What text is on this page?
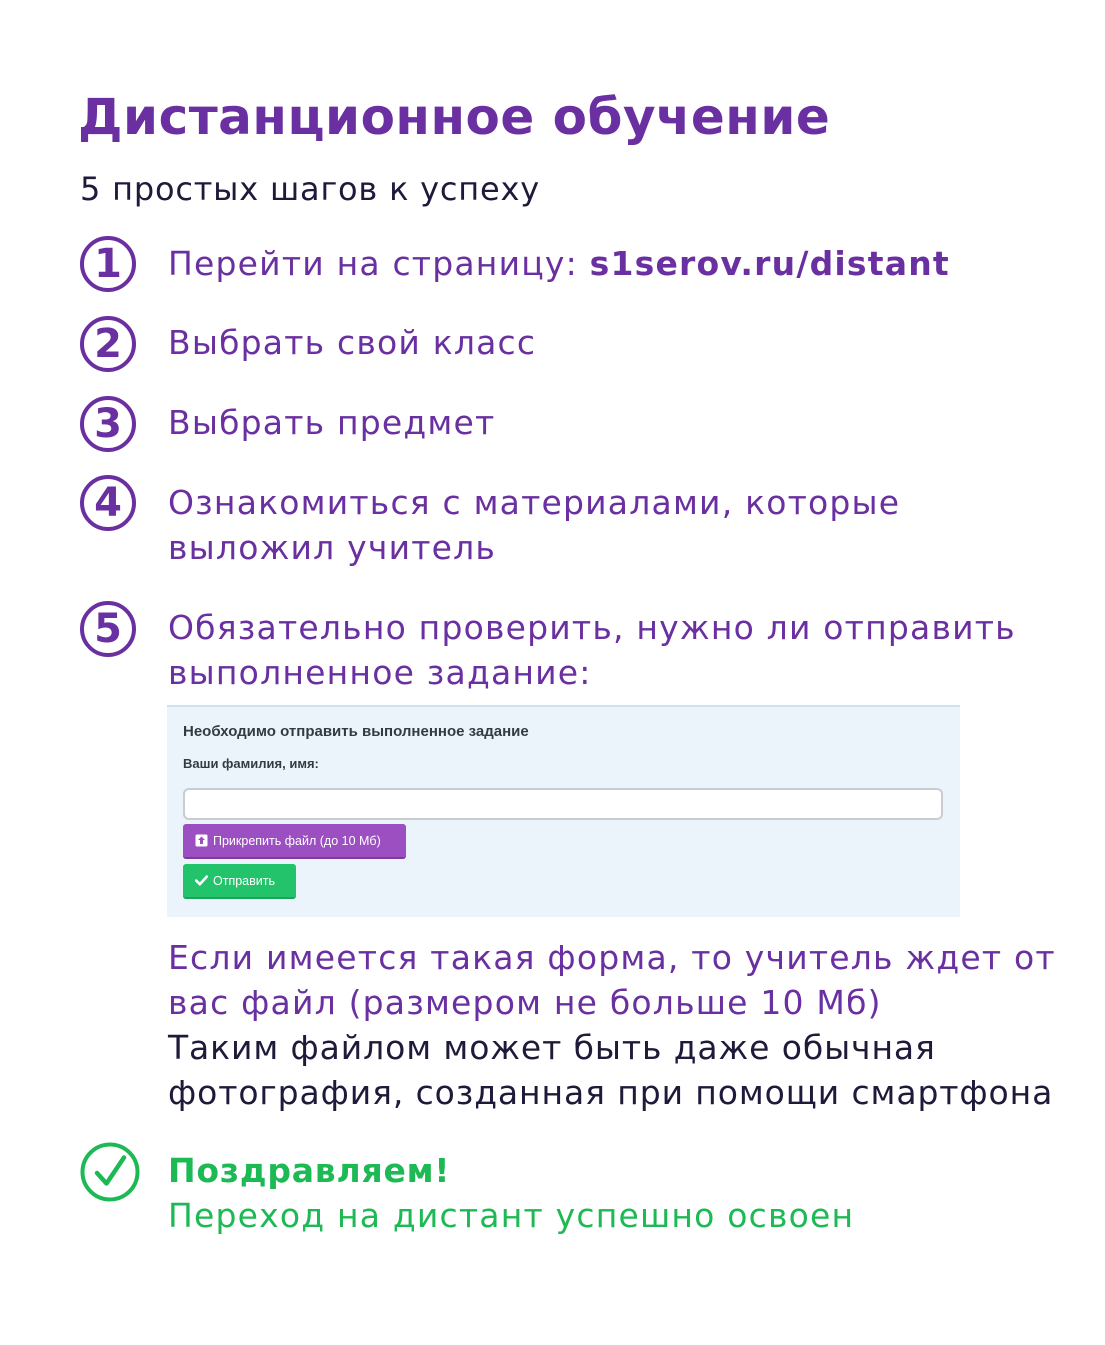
Дистанционное обучение
5 простых шагов к успеху
1	Перейти на страницу: s1serov.ru/distant
2	Выбрать свой класс
3	Выбрать предмет
4	Ознакомиться с материалами, которые
выложил учитель
5	Обязательно проверить, нужно ли отправить
выполненное задание:
Необходимо отправить выполненное задание
Ваши фамилия, имя:
Прикрепить файл (до 10 Мб)
Отправить
Если имеется такая форма, то учитель ждет от
вас файл (размером не больше 10 Мб)
Таким файлом может быть даже обычная
фотография, созданная при помощи смартфона
Поздравляем!
Переход на дистант успешно освоен
